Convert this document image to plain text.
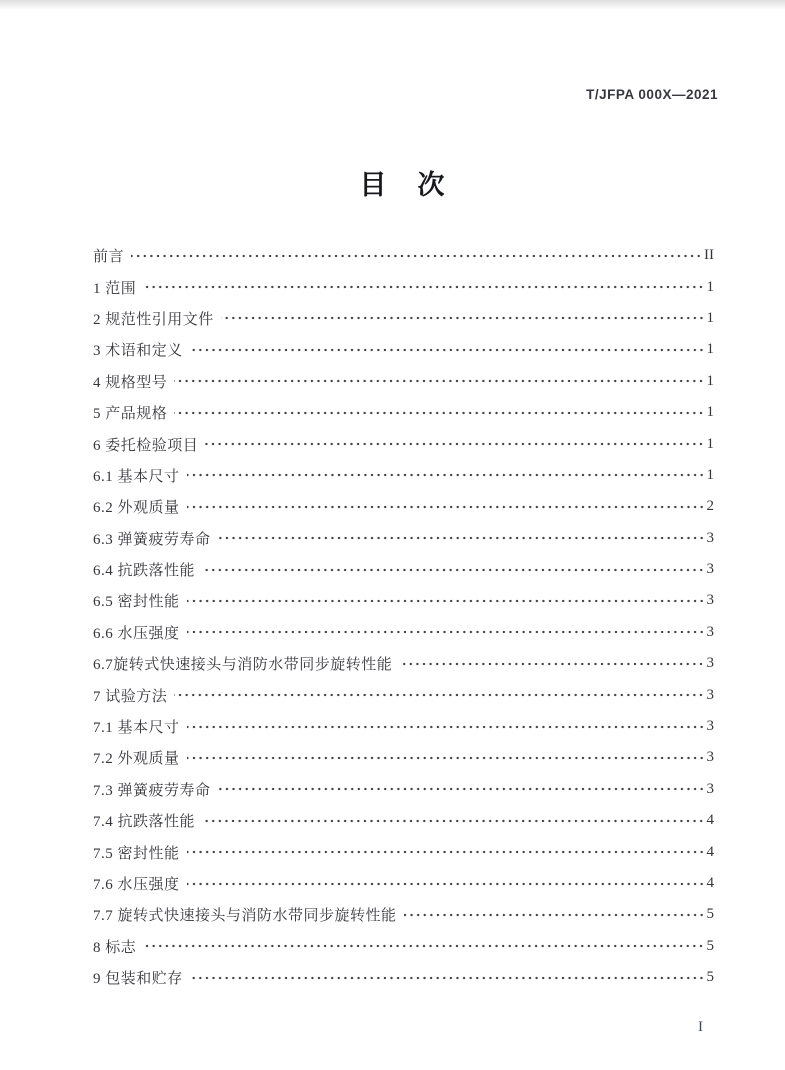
T/JFPA 000X—2021
目　次
前言	II
1 范围	1
2 规范性引用文件	1
3 术语和定义	1
4 规格型号	1
5 产品规格	1
6 委托检验项目	1
6.1 基本尺寸	1
6.2 外观质量	2
6.3 弹簧疲劳寿命	3
6.4 抗跌落性能	3
6.5 密封性能	3
6.6 水压强度	3
6.7旋转式快速接头与消防水带同步旋转性能	3
7 试验方法	3
7.1 基本尺寸	3
7.2 外观质量	3
7.3 弹簧疲劳寿命	3
7.4 抗跌落性能	4
7.5 密封性能	4
7.6 水压强度	4
7.7 旋转式快速接头与消防水带同步旋转性能	5
8 标志	5
9 包装和贮存	5
I
